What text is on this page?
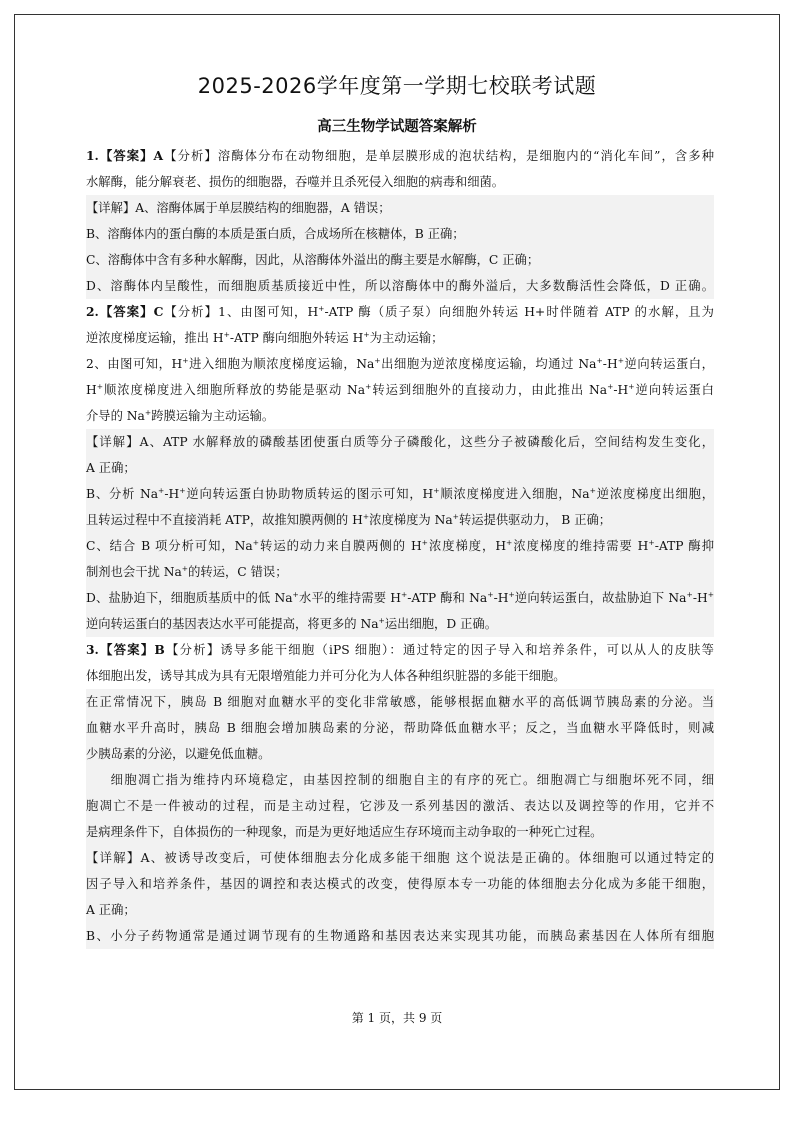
2025-2026学年度第一学期七校联考试题
高三生物学试题答案解析

1.【答案】A【分析】溶酶体分布在动物细胞，是单层膜形成的泡状结构，是细胞内的“消化车间”，含多种

水解酶，能分解衰老、损伤的细胞器，吞噬并且杀死侵入细胞的病毒和细菌。

【详解】A、溶酶体属于单层膜结构的细胞器，A 错误；

B、溶酶体内的蛋白酶的本质是蛋白质，合成场所在核糖体，B 正确；

C、溶酶体中含有多种水解酶，因此，从溶酶体外溢出的酶主要是水解酶，C 正确；

D、溶酶体内呈酸性，而细胞质基质接近中性，所以溶酶体中的酶外溢后，大多数酶活性会降低，D 正确。

2.【答案】C【分析】1、由图可知，H+-ATP 酶（质子泵）向细胞外转运 H+时伴随着 ATP 的水解，且为

逆浓度梯度运输，推出 H+-ATP 酶向细胞外转运 H+为主动运输；

2、由图可知，H+进入细胞为顺浓度梯度运输，Na+出细胞为逆浓度梯度运输，均通过 Na+-H+逆向转运蛋白，

H+顺浓度梯度进入细胞所释放的势能是驱动 Na+转运到细胞外的直接动力，由此推出 Na+-H+逆向转运蛋白

介导的 Na+跨膜运输为主动运输。

【详解】A、ATP 水解释放的磷酸基团使蛋白质等分子磷酸化，这些分子被磷酸化后，空间结构发生变化，

A 正确；

B、分析 Na+-H+逆向转运蛋白协助物质转运的图示可知，H+顺浓度梯度进入细胞，Na+逆浓度梯度出细胞，

且转运过程中不直接消耗 ATP，故推知膜两侧的 H+浓度梯度为 Na+转运提供驱动力， B 正确；

C、结合 B 项分析可知，Na+转运的动力来自膜两侧的 H+浓度梯度，H+浓度梯度的维持需要 H+-ATP 酶抑

制剂也会干扰 Na+的转运，C 错误；

D、盐胁迫下，细胞质基质中的低 Na+水平的维持需要 H+-ATP 酶和 Na+-H+逆向转运蛋白，故盐胁迫下 Na+-H+

逆向转运蛋白的基因表达水平可能提高，将更多的 Na+运出细胞，D 正确。

3.【答案】B【分析】诱导多能干细胞（iPS 细胞）：通过特定的因子导入和培养条件，可以从人的皮肤等

体细胞出发，诱导其成为具有无限增殖能力并可分化为人体各种组织脏器的多能干细胞。

在正常情况下，胰岛 B 细胞对血糖水平的变化非常敏感，能够根据血糖水平的高低调节胰岛素的分泌。当

血糖水平升高时，胰岛 B 细胞会增加胰岛素的分泌，帮助降低血糖水平；反之，当血糖水平降低时，则减

少胰岛素的分泌，以避免低血糖。

细胞凋亡指为维持内环境稳定，由基因控制的细胞自主的有序的死亡。细胞凋亡与细胞坏死不同，细

胞凋亡不是一件被动的过程，而是主动过程，它涉及一系列基因的激活、表达以及调控等的作用，它并不

是病理条件下，自体损伤的一种现象，而是为更好地适应生存环境而主动争取的一种死亡过程。

【详解】A、被诱导改变后，可使体细胞去分化成多能干细胞 这个说法是正确的。体细胞可以通过特定的

因子导入和培养条件，基因的调控和表达模式的改变，使得原本专一功能的体细胞去分化成为多能干细胞，

A 正确；

B、小分子药物通常是通过调节现有的生物通路和基因表达来实现其功能，而胰岛素基因在人体所有细胞

第 1 页，共 9 页
